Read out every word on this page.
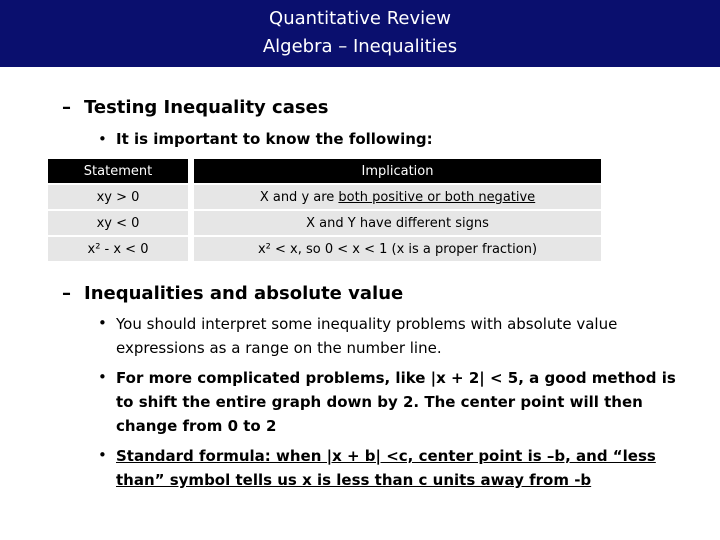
Quantitative Review
Algebra – Inequalities
– Testing Inequality cases
• It is important to know the following:
Statement		Implication
xy > 0		X and y are both positive or both negative
xy < 0		X and Y have different signs
x² - x < 0		x² < x, so 0 < x < 1 (x is a proper fraction)
– Inequalities and absolute value
• You should interpret some inequality problems with absolute value
expressions as a range on the number line.
• For more complicated problems, like |x + 2| < 5, a good method is
to shift the entire graph down by 2. The center point will then
change from 0 to 2
• Standard formula: when |x + b| <c, center point is –b, and “less
than” symbol tells us x is less than c units away from -b
